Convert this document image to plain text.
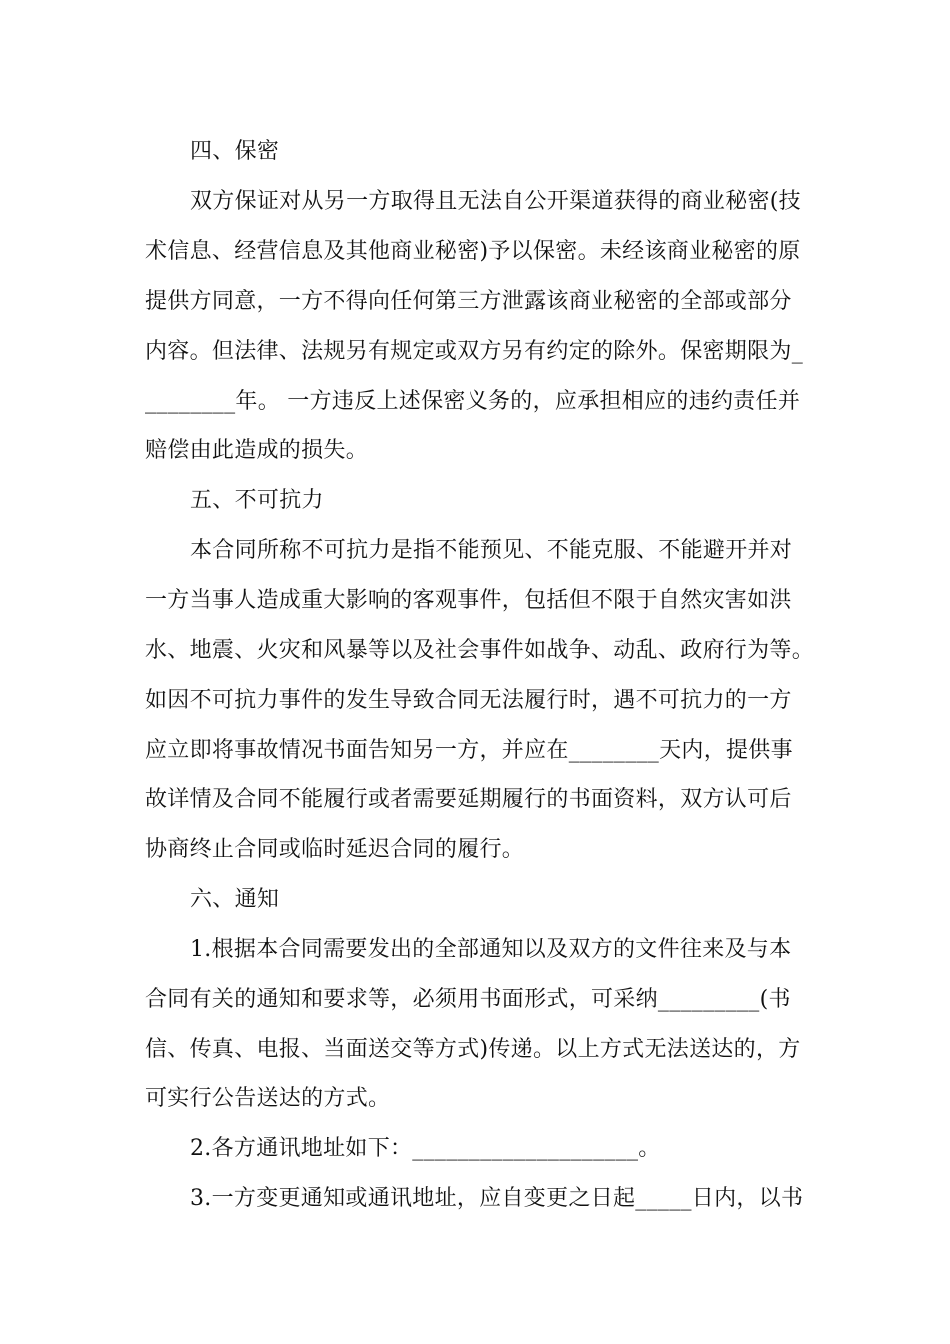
四、保密
双方保证对从另一方取得且无法自公开渠道获得的商业秘密(技
术信息、经营信息及其他商业秘密)予以保密。未经该商业秘密的原
提供方同意，一方不得向任何第三方泄露该商业秘密的全部或部分
内容。但法律、法规另有规定或双方另有约定的除外。保密期限为_
________年。 一方违反上述保密义务的，应承担相应的违约责任并
赔偿由此造成的损失。
五、不可抗力
本合同所称不可抗力是指不能预见、不能克服、不能避开并对
一方当事人造成重大影响的客观事件，包括但不限于自然灾害如洪
水、地震、火灾和风暴等以及社会事件如战争、动乱、政府行为等。
如因不可抗力事件的发生导致合同无法履行时，遇不可抗力的一方
应立即将事故情况书面告知另一方，并应在________天内，提供事
故详情及合同不能履行或者需要延期履行的书面资料，双方认可后
协商终止合同或临时延迟合同的履行。
六、通知
1.根据本合同需要发出的全部通知以及双方的文件往来及与本
合同有关的通知和要求等，必须用书面形式，可采纳_________(书
信、传真、电报、当面送交等方式)传递。以上方式无法送达的，方
可实行公告送达的方式。
2.各方通讯地址如下：____________________。
3.一方变更通知或通讯地址，应自变更之日起_____日内，以书
